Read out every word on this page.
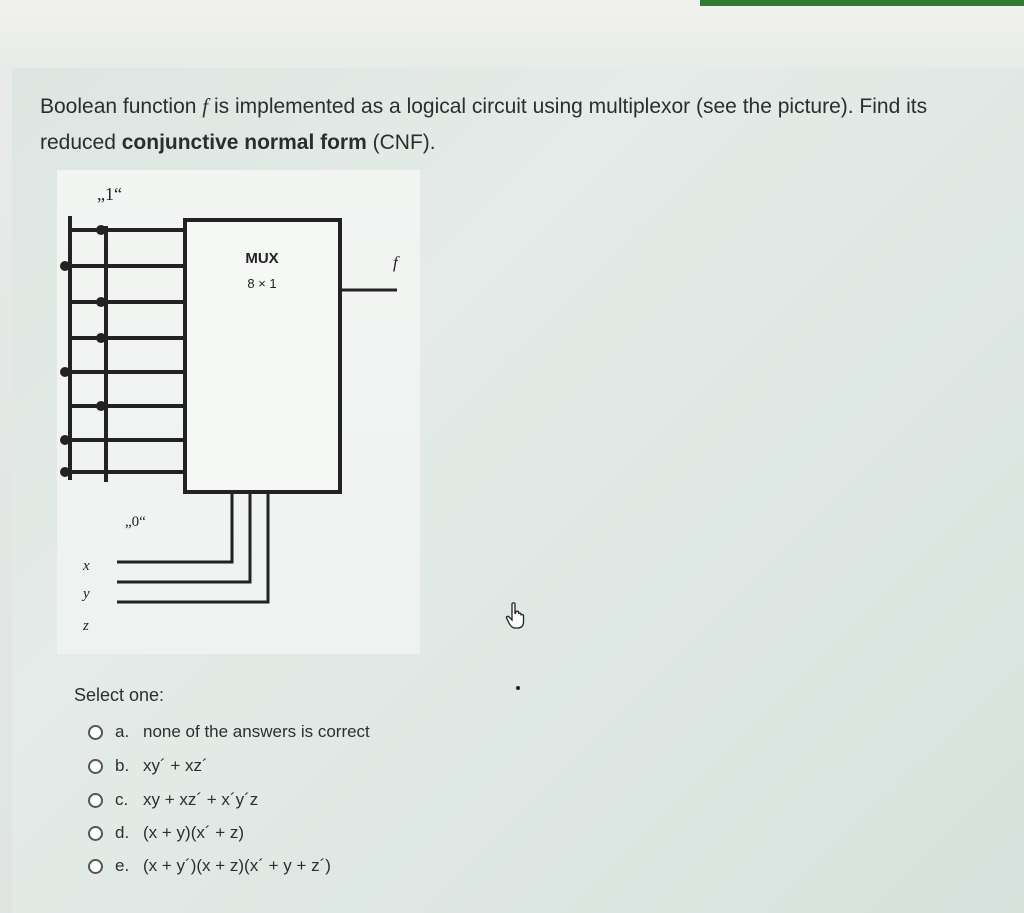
Boolean function f is implemented as a logical circuit using multiplexor (see the picture). Find its reduced conjunctive normal form (CNF).
„1“
„0“
MUX
8 × 1
f
x
y
z
Select one:
a. none of the answers is correct
b. xy´ + xz´
c. xy + xz´ + x´y´z
d. (x + y)(x´ + z)
e. (x + y´)(x + z)(x´ + y + z´)
